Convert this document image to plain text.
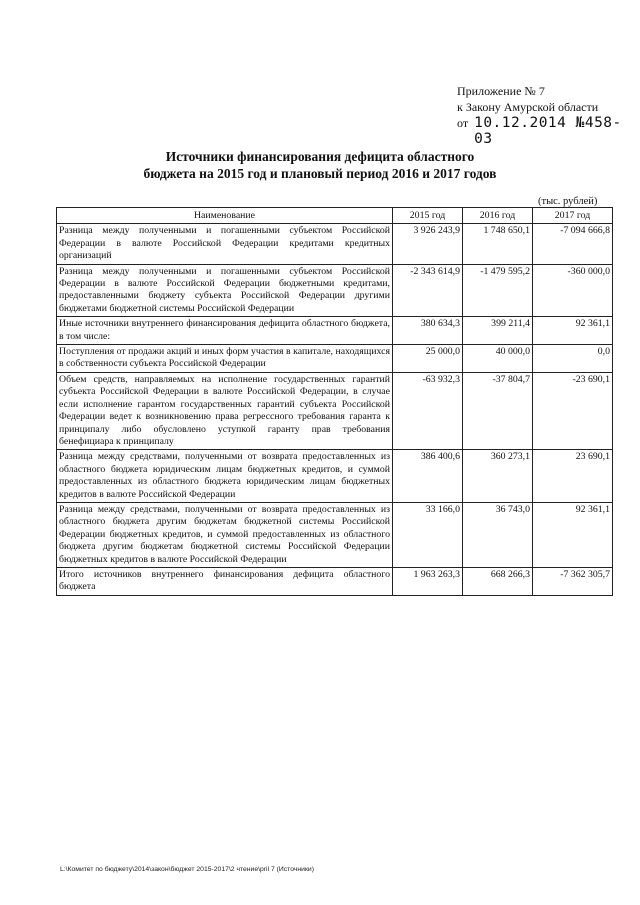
Приложение № 7
к Закону Амурской области
от 10.12.2014 №458-03
Источники финансирования дефицита областного
бюджета на 2015 год и плановый период 2016 и 2017 годов
(тыс. рублей)
Наименование	2015 год	2016 год	2017 год
Разница между полученными и погашенными субъектом Российской Федерации в валюте Российской Федерации кредитами кредитных организаций	3 926 243,9	1 748 650,1	-7 094 666,8
Разница между полученными и погашенными субъектом Российской Федерации в валюте Российской Федерации бюджетными кредитами, предоставленными бюджету субъекта Российской Федерации другими бюджетами бюджетной системы Российской Федерации	-2 343 614,9	-1 479 595,2	-360 000,0
Иные источники внутреннего финансирования дефицита областного бюджета, в том числе:	380 634,3	399 211,4	92 361,1
Поступления от продажи акций и иных форм участия в капитале, находящихся в собственности субъекта Российской Федерации	25 000,0	40 000,0	0,0
Объем средств, направляемых на исполнение государственных гарантий субъекта Российской Федерации в валюте Российской Федерации, в случае если исполнение гарантом государственных гарантий субъекта Российской Федерации ведет к возникновению права регрессного требования гаранта к принципалу либо обусловлено уступкой гаранту прав требования бенефициара к принципалу	-63 932,3	-37 804,7	-23 690,1
Разница между средствами, полученными от возврата предоставленных из областного бюджета юридическим лицам бюджетных кредитов, и суммой предоставленных из областного бюджета юридическим лицам бюджетных кредитов в валюте Российской Федерации	386 400,6	360 273,1	23 690,1
Разница между средствами, полученными от возврата предоставленных из областного бюджета другим бюджетам бюджетной системы Российской Федерации бюджетных кредитов, и суммой предоставленных из областного бюджета другим бюджетам бюджетной системы Российской Федерации бюджетных кредитов в валюте Российской Федерации	33 166,0	36 743,0	92 361,1
Итого источников внутреннего финансирования дефицита областного бюджета	1 963 263,3	668 266,3	-7 362 305,7
L:\Комитет по бюджету\2014\закон\бюджет 2015-2017\2 чтение\pril 7 (Источники)
